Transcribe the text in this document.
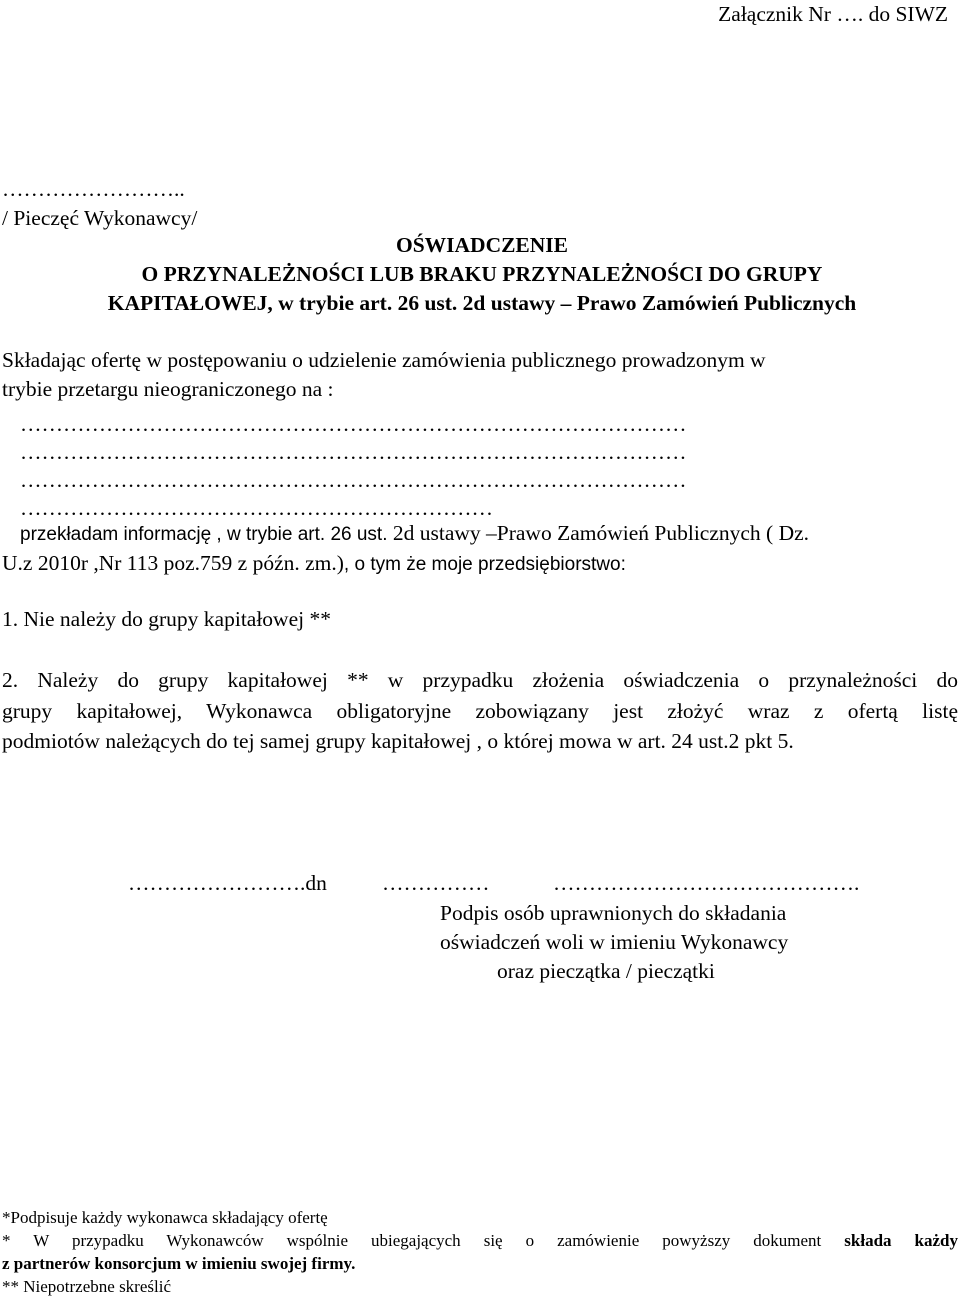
Załącznik Nr …. do SIWZ
……………………..
/ Pieczęć Wykonawcy/
OŚWIADCZENIE
O PRZYNALEŻNOŚCI LUB BRAKU PRZYNALEŻNOŚCI DO GRUPY
KAPITAŁOWEJ, w trybie art. 26 ust. 2d ustawy – Prawo Zamówień Publicznych
Składając ofertę w postępowaniu o udzielenie zamówienia publicznego prowadzonym w
trybie przetargu nieograniczonego na :
…………………………………………………………………………………
…………………………………………………………………………………
…………………………………………………………………………………
…………………………………………………………
przekładam informację , w trybie art. 26 ust. 2d ustawy –Prawo Zamówień Publicznych ( Dz.
U.z 2010r ,Nr 113 poz.759 z późn. zm.), o tym że moje przedsiębiorstwo:
1. Nie należy do grupy kapitałowej **
2. Należy do grupy kapitałowej ** w przypadku złożenia oświadczenia o przynależności do
grupy kapitałowej, Wykonawca obligatoryjne zobowiązany jest złożyć wraz z ofertą listę
podmiotów należących do tej samej grupy kapitałowej , o której mowa w art. 24 ust.2 pkt 5.
…………………….dn	……………	…………………………………….
Podpis osób uprawnionych do składania
oświadczeń woli w imieniu Wykonawcy
oraz pieczątka / pieczątki
*Podpisuje każdy wykonawca składający ofertę
* W przypadku Wykonawców wspólnie ubiegających się o zamówienie powyższy dokument składa każdy
z partnerów konsorcjum w imieniu swojej firmy.
** Niepotrzebne skreślić
